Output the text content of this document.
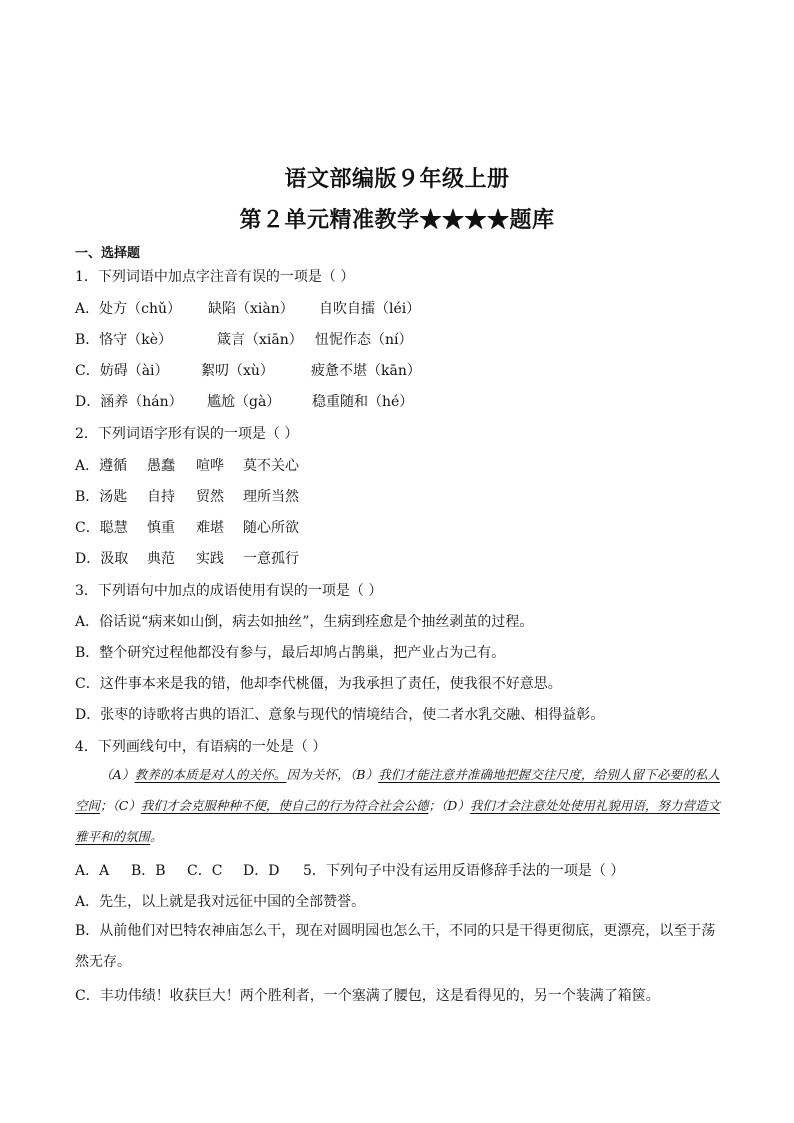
语文部编版９年级上册
第２单元精准教学★★★★题库
一、选择题
1．下列词语中加点字注音有误的一项是（ ）
A．处方（chǔ） 缺陷（xiàn） 自吹自擂（léi）
B．恪守（kè）	箴言（xiān） 忸怩作态（ní）
C．妨碍（ài） 絮叨（xù）	疲惫不堪（kān）
D．涵养（hán） 尴尬（gà） 稳重随和（hé）
2．下列词语字形有误的一项是（ ）
A．遵循 愚蠢 喧哗 莫不关心
B．汤匙 自持 贸然 理所当然
C．聪慧 慎重 难堪 随心所欲
D．汲取 典范 实践 一意孤行
3．下列语句中加点的成语使用有误的一项是（ ）
A．俗话说“病来如山倒，病去如抽丝”，生病到痊愈是个抽丝剥茧的过程。
B．整个研究过程他都没有参与，最后却鸠占鹊巢，把产业占为己有。
C．这件事本来是我的错，他却李代桃僵，为我承担了责任，使我很不好意思。
D．张枣的诗歌将古典的语汇、意象与现代的情境结合，使二者水乳交融、相得益彰。
4．下列画线句中，有语病的一处是（ ）
（A）教养的本质是对人的关怀。因为关怀，（B）我们才能注意并准确地把握交往尺度，给别人留下必要的私人空间；（C）我们才会克服种种不便，使自己的行为符合社会公德；（D）我们才会注意处处使用礼貌用语，努力营造文雅平和的氛围。
A．A B．B C．C D．D 5．下列句子中没有运用反语修辞手法的一项是（ ）
A．先生，以上就是我对远征中国的全部赞誉。
B．从前他们对巴特农神庙怎么干，现在对圆明园也怎么干，不同的只是干得更彻底，更漂亮，以至于荡然无存。
C．丰功伟绩！收获巨大！两个胜利者，一个塞满了腰包，这是看得见的，另一个装满了箱箧。
